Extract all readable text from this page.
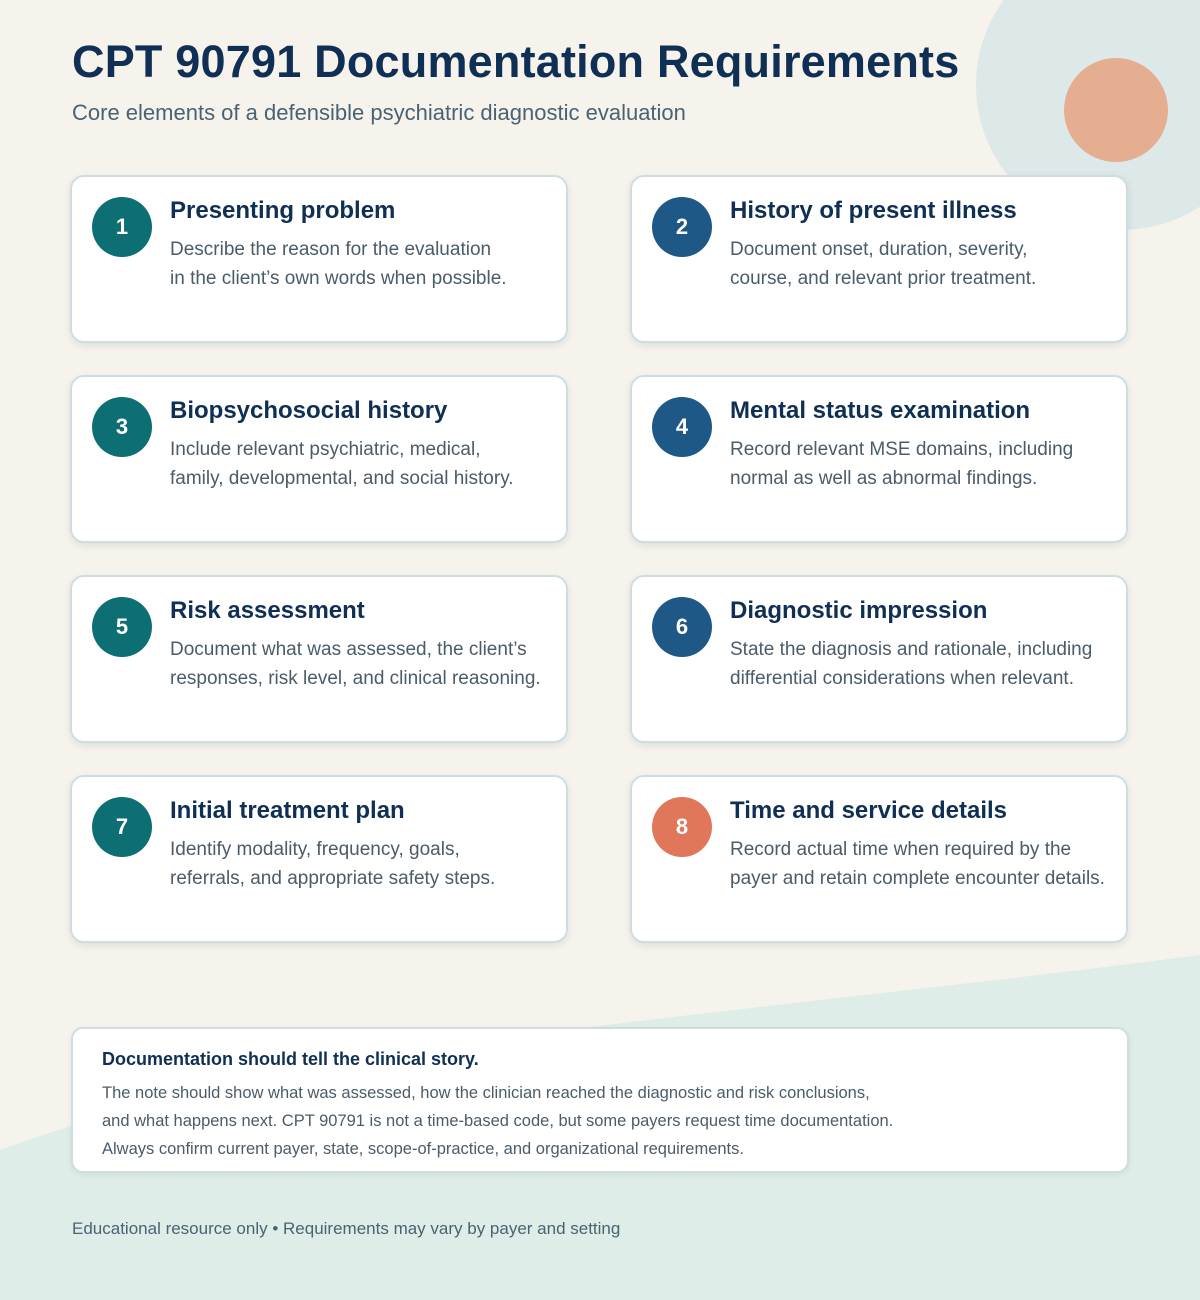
CPT 90791 Documentation Requirements

Core elements of a defensible psychiatric diagnostic evaluation

1
Presenting problem

Describe the reason for the evaluation
in the client’s own words when possible.

2
History of present illness

Document onset, duration, severity,
course, and relevant prior treatment.

3
Biopsychosocial history

Include relevant psychiatric, medical,
family, developmental, and social history.

4
Mental status examination

Record relevant MSE domains, including
normal as well as abnormal findings.

5
Risk assessment

Document what was assessed, the client’s
responses, risk level, and clinical reasoning.

6
Diagnostic impression

State the diagnosis and rationale, including
differential considerations when relevant.

7
Initial treatment plan

Identify modality, frequency, goals,
referrals, and appropriate safety steps.

8
Time and service details

Record actual time when required by the
payer and retain complete encounter details.

Documentation should tell the clinical story.

The note should show what was assessed, how the clinician reached the diagnostic and risk conclusions,

and what happens next. CPT 90791 is not a time-based code, but some payers request time documentation.

Always confirm current payer, state, scope-of-practice, and organizational requirements.

Educational resource only • Requirements may vary by payer and setting
